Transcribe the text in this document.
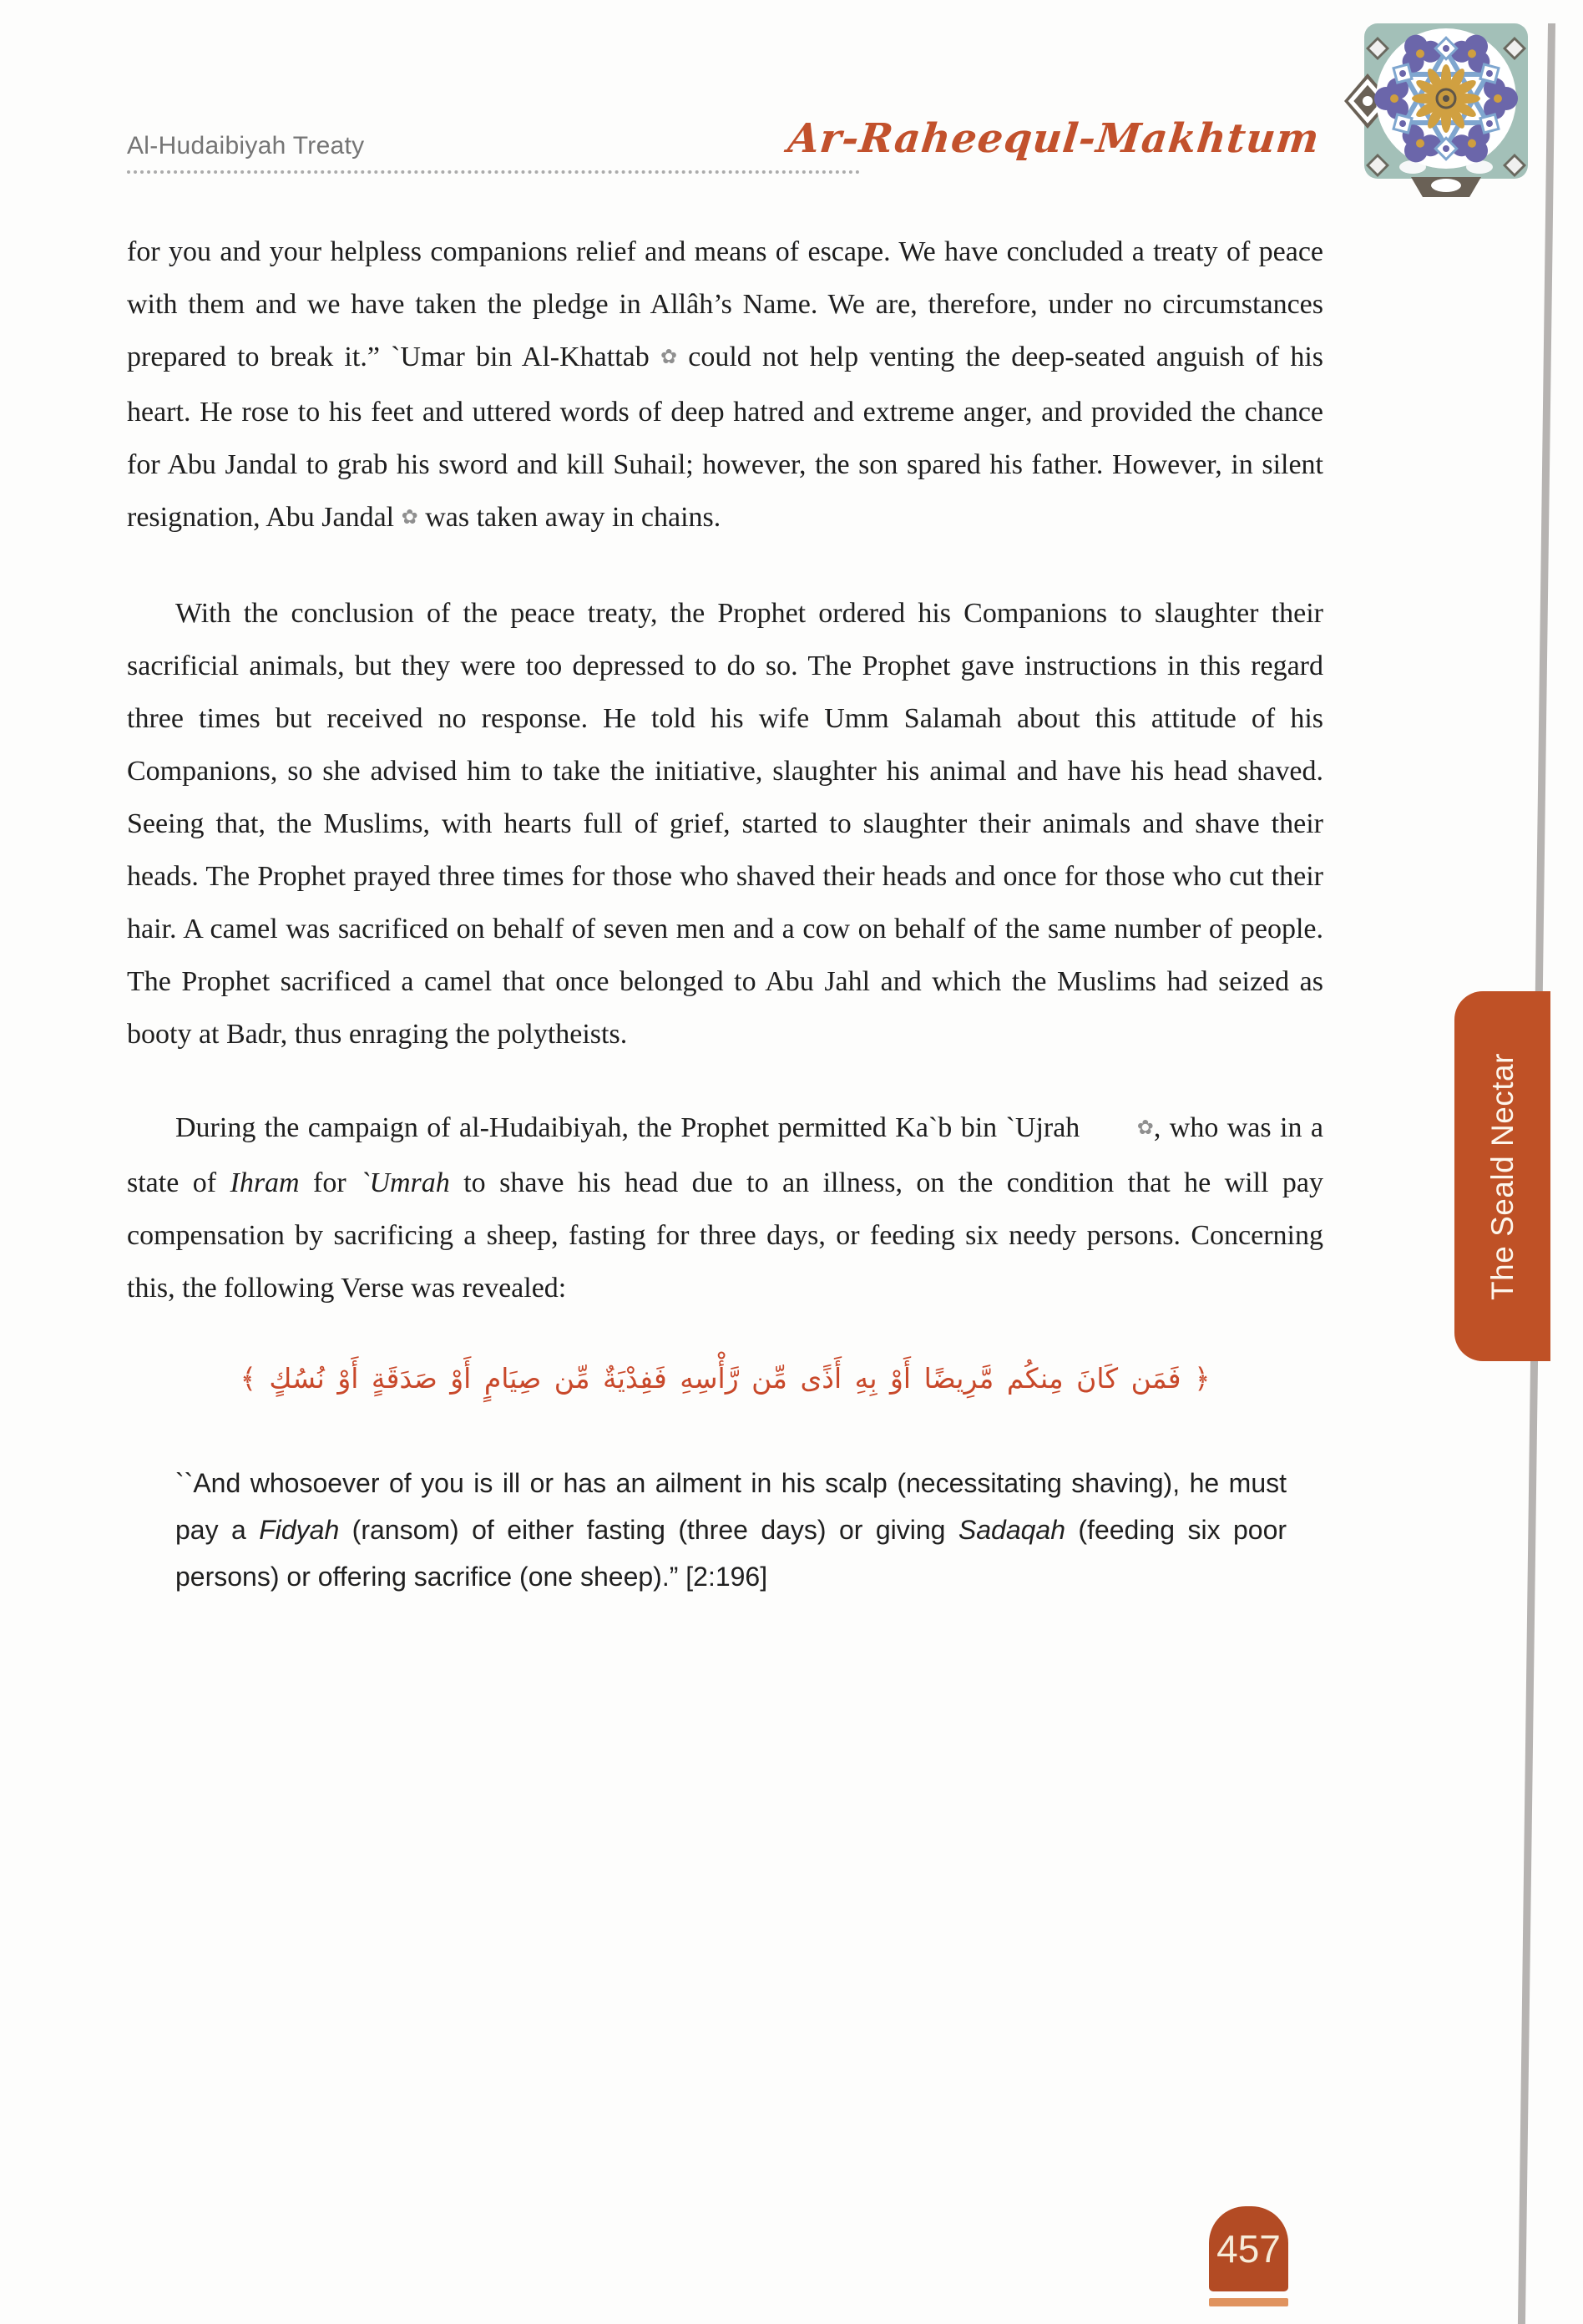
Al-Hudaibiyah Treaty	Ar-Raheequl-Makhtum
The Seald Nectar

for you and your helpless companions relief and means of escape. We have concluded a treaty of peace with them and we have taken the pledge in Allâh’s Name. We are, therefore, under no circumstances prepared to break it.” `Umar bin Al-Khattab ✿ could not help venting the deep-seated anguish of his heart. He rose to his feet and uttered words of deep hatred and extreme anger, and provided the chance for Abu Jandal to grab his sword and kill Suhail; however, the son spared his father. However, in silent resignation, Abu Jandal ✿ was taken away in chains.

With the conclusion of the peace treaty, the Prophet ordered his Companions to slaughter their sacrificial animals, but they were too depressed to do so. The Prophet gave instructions in this regard three times but received no response. He told his wife Umm Salamah about this attitude of his Companions, so she advised him to take the initiative, slaughter his animal and have his head shaved. Seeing that, the Muslims, with hearts full of grief, started to slaughter their animals and shave their heads. The Prophet prayed three times for those who shaved their heads and once for those who cut their hair. A camel was sacrificed on behalf of seven men and a cow on behalf of the same number of people. The Prophet sacrificed a camel that once belonged to Abu Jahl and which the Muslims had seized as booty at Badr, thus enraging the polytheists.

During the campaign of al-Hudaibiyah, the Prophet permitted Ka`b bin `Ujrah ✿, who was in a state of Ihram for `Umrah to shave his head due to an illness, on the condition that he will pay compensation by sacrificing a sheep, fasting for three days, or feeding six needy persons. Concerning this, the following Verse was revealed:

﴿ فَمَن كَانَ مِنكُم مَّرِيضًا أَوْ بِهِ أَذًى مِّن رَّأْسِهِ فَفِدْيَةٌ مِّن صِيَامٍ أَوْ صَدَقَةٍ أَوْ نُسُكٍ ﴾

``And whosoever of you is ill or has an ailment in his scalp (necessitating shaving), he must pay a Fidyah (ransom) of either fasting (three days) or giving Sadaqah (feeding six poor persons) or offering sacrifice (one sheep).” [2:196]

457
